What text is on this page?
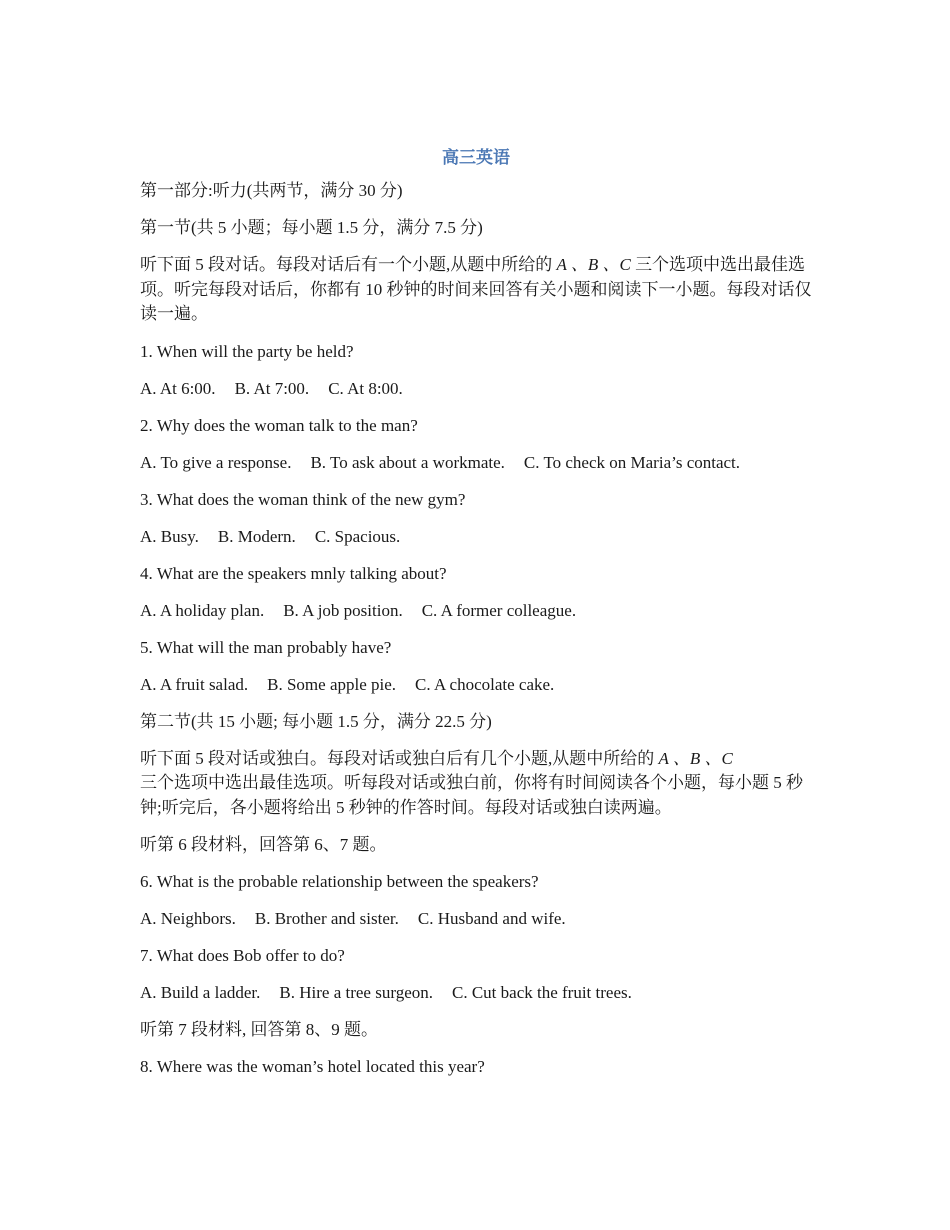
高三英语

第一部分:听力(共两节，满分 30 分)

第一节(共 5 小题；每小题 1.5 分，满分 7.5 分)

听下面 5 段对话。每段对话后有一个小题,从题中所给的 A 、B 、C 三个选项中选出最佳选项。听完每段对话后，你都有 10 秒钟的时间来回答有关小题和阅读下一小题。每段对话仅读一遍。

1. When will the party be held?

A. At 6:00. B. At 7:00. C. At 8:00.

2. Why does the woman talk to the man?

A. To give a response. B. To ask about a workmate. C. To check on Maria’s contact.

3. What does the woman think of the new gym?

A. Busy. B. Modern. C. Spacious.

4. What are the speakers mnly talking about?

A. A holiday plan. B. A job position. C. A former colleague.

5. What will the man probably have?

A. A fruit salad. B. Some apple pie. C. A chocolate cake.

第二节(共 15 小题; 每小题 1.5 分，满分 22.5 分)

听下面 5 段对话或独白。每段对话或独白后有几个小题,从题中所给的 A 、B 、C
三个选项中选出最佳选项。听每段对话或独白前，你将有时间阅读各个小题，每小题 5 秒钟;听完后，各小题将给出 5 秒钟的作答时间。每段对话或独白读两遍。

听第 6 段材料，回答第 6、7 题。

6. What is the probable relationship between the speakers?

A. Neighbors. B. Brother and sister. C. Husband and wife.

7. What does Bob offer to do?

A. Build a ladder. B. Hire a tree surgeon. C. Cut back the fruit trees.

听第 7 段材料, 回答第 8、9 题。

8. Where was the woman’s hotel located this year?
